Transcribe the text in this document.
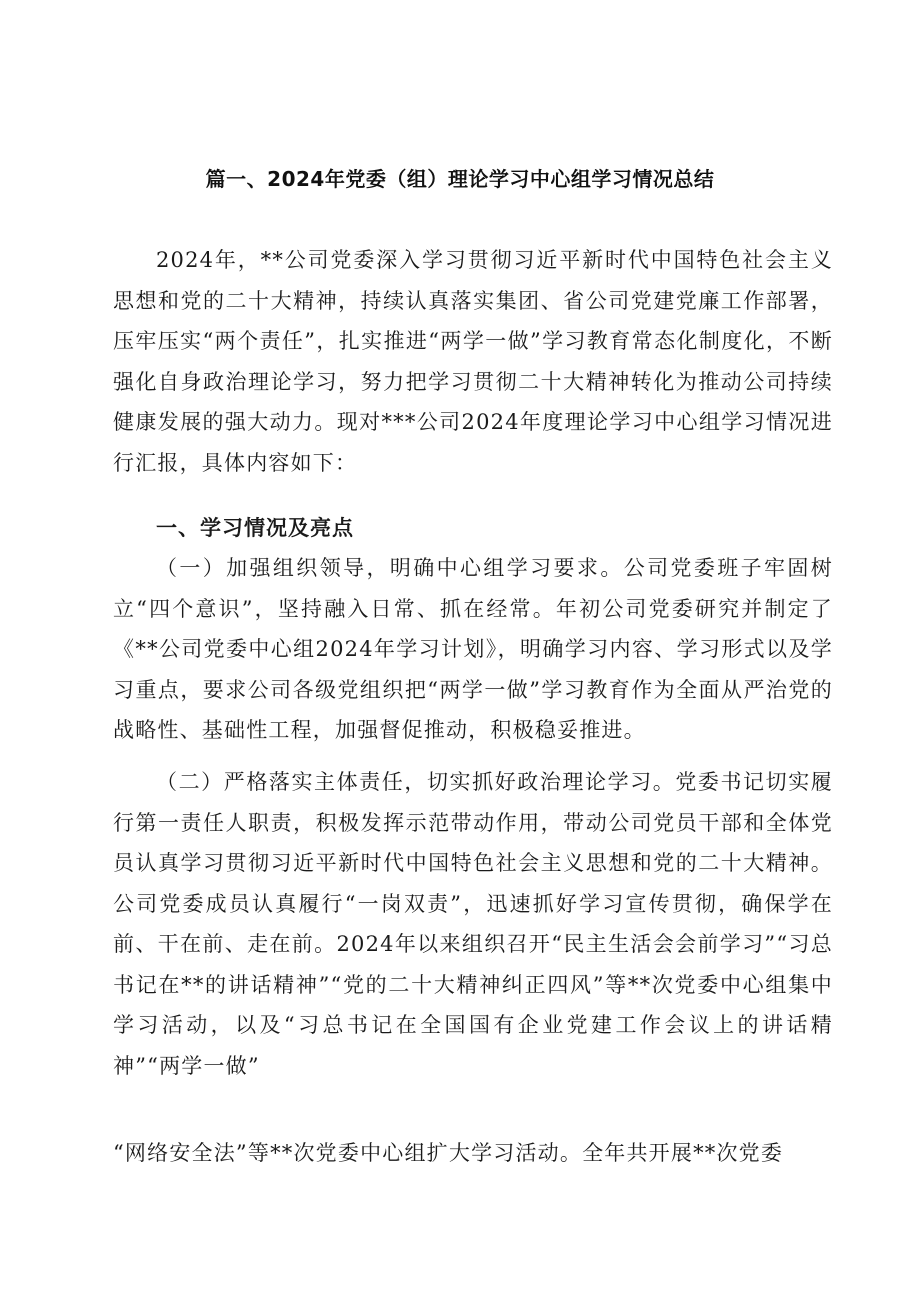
篇一、2024年党委（组）理论学习中心组学习情况总结

2024年，**公司党委深入学习贯彻习近平新时代中国特色社会主义思想和党的二十大精神，持续认真落实集团、省公司党建党廉工作部署，压牢压实“两个责任”，扎实推进“两学一做”学习教育常态化制度化，不断强化自身政治理论学习，努力把学习贯彻二十大精神转化为推动公司持续健康发展的强大动力。现对***公司2024年度理论学习中心组学习情况进行汇报，具体内容如下：

一、学习情况及亮点

（一）加强组织领导，明确中心组学习要求。公司党委班子牢固树立“四个意识”，坚持融入日常、抓在经常。年初公司党委研究并制定了《**公司党委中心组2024年学习计划》，明确学习内容、学习形式以及学习重点，要求公司各级党组织把“两学一做”学习教育作为全面从严治党的战略性、基础性工程，加强督促推动，积极稳妥推进。

（二）严格落实主体责任，切实抓好政治理论学习。党委书记切实履行第一责任人职责，积极发挥示范带动作用，带动公司党员干部和全体党员认真学习贯彻习近平新时代中国特色社会主义思想和党的二十大精神。公司党委成员认真履行“一岗双责”，迅速抓好学习宣传贯彻，确保学在前、干在前、走在前。2024年以来组织召开“民主生活会会前学习”“习总书记在**的讲话精神”“党的二十大精神纠正四风”等**次党委中心组集中学习活动，以及“习总书记在全国国有企业党建工作会议上的讲话精神”“两学一做”

“网络安全法”等**次党委中心组扩大学习活动。全年共开展**次党委
